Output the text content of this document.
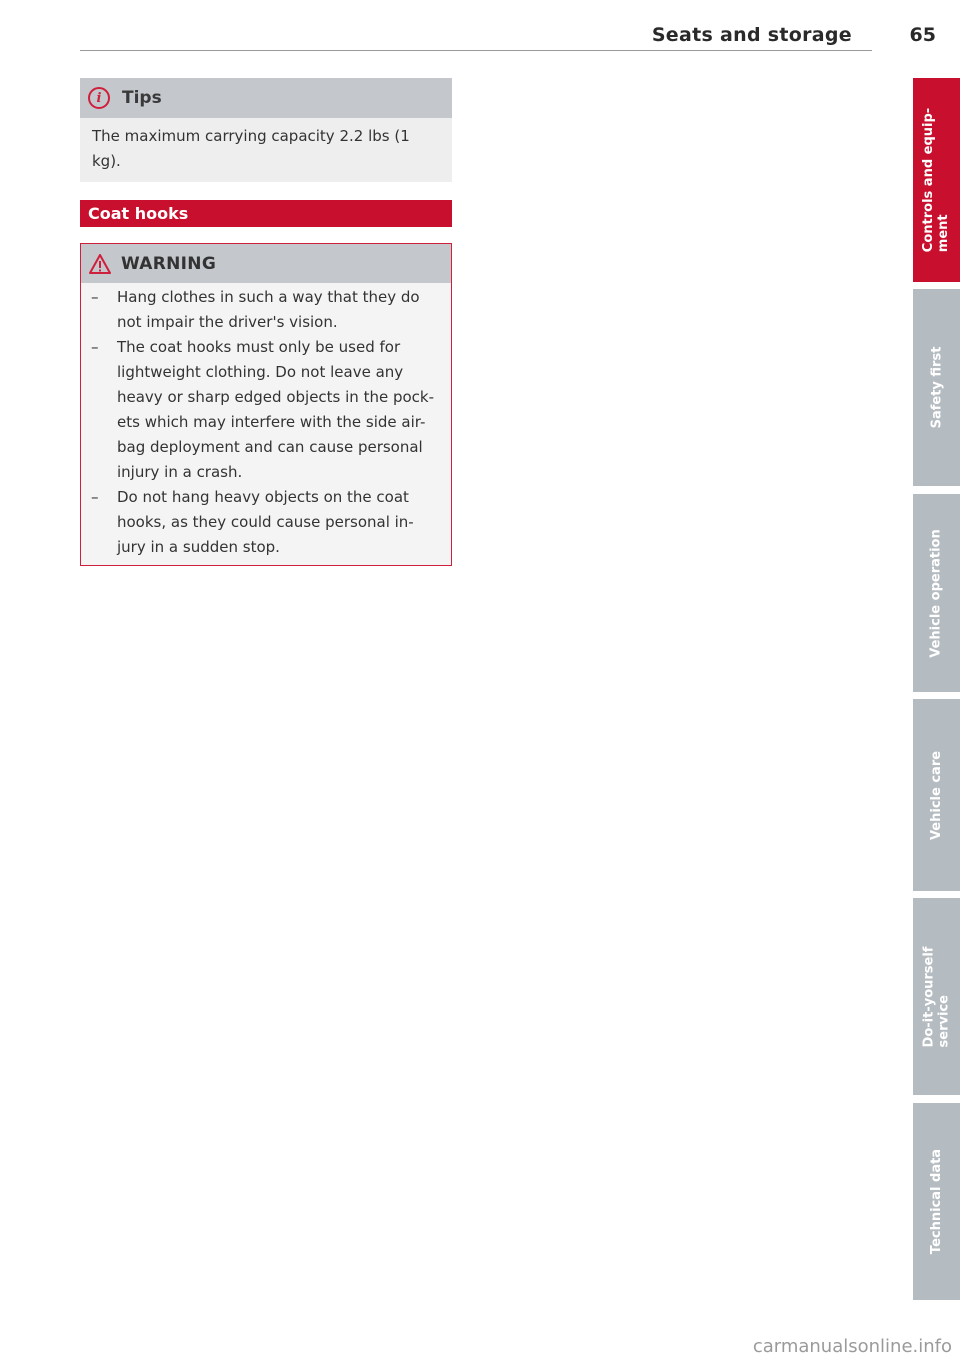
Seats and storage	65
i	Tips
The maximum carrying capacity 2.2 lbs (1 kg).
Coat hooks
WARNING
– Hang clothes in such a way that they do not impair the driver's vision.
– The coat hooks must only be used for lightweight clothing. Do not leave any heavy or sharp edged objects in the pock-ets which may interfere with the side air-bag deployment and can cause personal injury in a crash.
– Do not hang heavy objects on the coat hooks, as they could cause personal in-jury in a sudden stop.
Controls and equip- ment
Safety first
Vehicle operation
Vehicle care
Do-it-yourself service
Technical data
carmanualsonline.info
